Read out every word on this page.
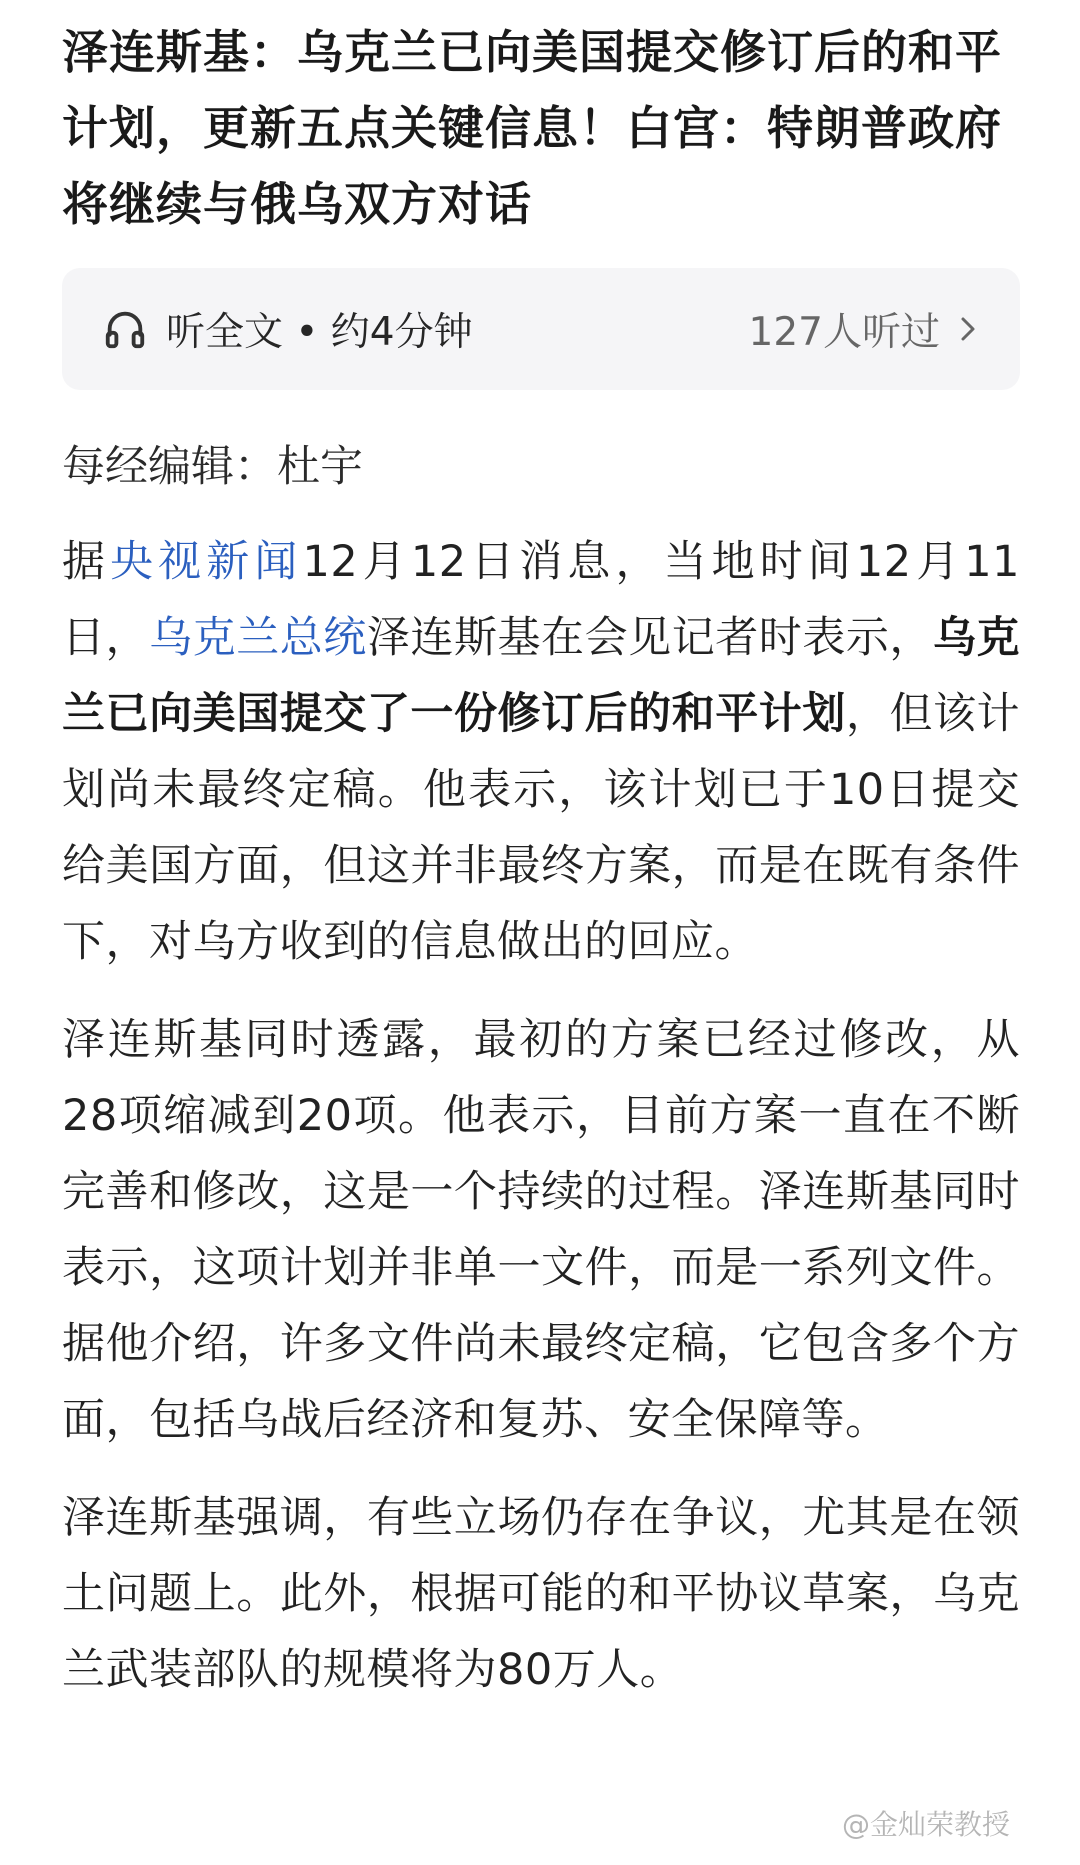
泽连斯基：乌克兰已向美国提交修订后的和平计划，更新五点关键信息！白宫：特朗普政府将继续与俄乌双方对话
听全文 • 约4分钟	127人听过
每经编辑：杜宇
据央视新闻12月12日消息，当地时间12月11日，乌克兰总统泽连斯基在会见记者时表示，乌克兰已向美国提交了一份修订后的和平计划，但该计划尚未最终定稿。他表示，该计划已于10日提交给美国方面，但这并非最终方案，而是在既有条件下，对乌方收到的信息做出的回应。
泽连斯基同时透露，最初的方案已经过修改，从28项缩减到20项。他表示，目前方案一直在不断完善和修改，这是一个持续的过程。泽连斯基同时表示，这项计划并非单一文件，而是一系列文件。据他介绍，许多文件尚未最终定稿，它包含多个方面，包括乌战后经济和复苏、安全保障等。
泽连斯基强调，有些立场仍存在争议，尤其是在领土问题上。此外，根据可能的和平协议草案，乌克兰武装部队的规模将为80万人。
@金灿荣教授
